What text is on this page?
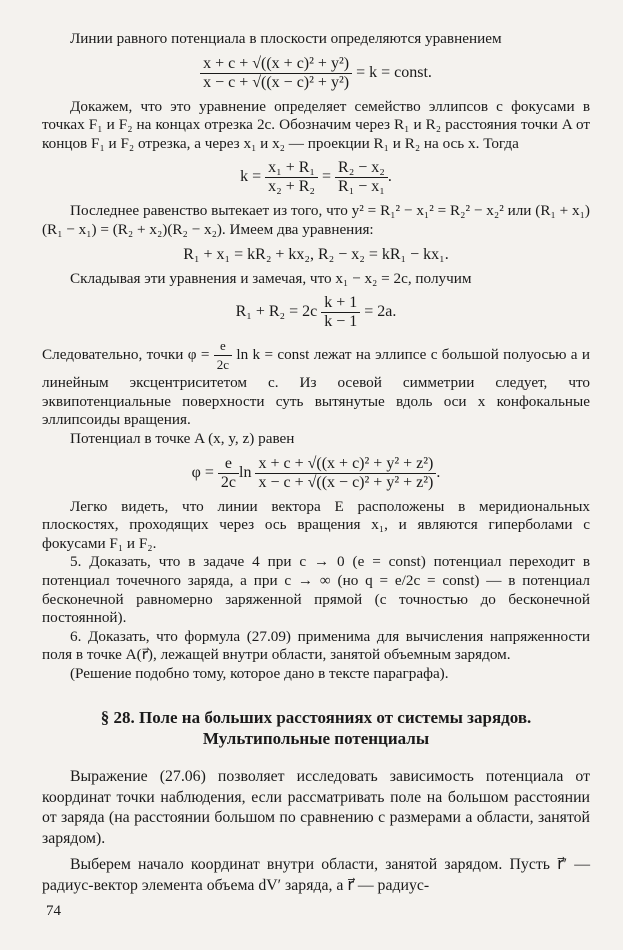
Линии равного потенциала в плоскости определяются уравнением

$\frac{\text{x + c + √((x + c)² + y²)}}{\text{x − c + √((x − c)² + y²)}} = k$ = const.

Докажем, что это уравнение определяет семейство эллипсов с фокусами в точках F₁ и F₂ на концах отрезка 2c. Обозначим через R₁ и R₂ расстояния точки A от концов F₁ и F₂ отрезка, а через x₁ и x₂ — проекции R₁ и R₂ на ось x. Тогда

$k = \frac{\text{x₁ + R₁}}{\text{x₂ + R₂}} = \frac{\text{R₂ − x₂}}{\text{R₁ − x₁}}$ .

Последнее равенство вытекает из того, что y² = R₁² − x₁² = R₂² − x₂² или (R₁ + x₁)(R₁ − x₁) = (R₂ + x₂)(R₂ − x₂). Имеем два уравнения:

R₁ + x₁ = kR₂ + kx₂, R₂ − x₂ = kR₁ − kx₁.

Складывая эти уравнения и замечая, что x₁ − x₂ = 2c, получим

$R_1 + R_2 = 2c \frac{k + 1}{k - 1} = 2a$.

Следовательно, точки $\varphi = \frac{e}{2c}$ ln k = const лежат на эллипсе с большой полуосью a и линейным эксцентриситетом c. Из осевой симметрии следует, что эквипотенциальные поверхности суть вытянутые вдоль оси x конфокальные эллипсоиды вращения.

Потенциал в точке A (x, y, z) равен

$\varphi = \frac{e}{2c}$ $\ln \frac{\text{x + c + √((x + c)² + y² + z²)}}{\text{x − c + √((x − c)² + y² + z²)}}$ .

Легко видеть, что линии вектора E расположены в меридиональных плоскостях, проходящих через ось вращения x₁, и являются гиперболами с фокусами F₁ и F₂.

5. Доказать, что в задаче 4 при c → 0 (e = const) потенциал переходит в потенциал точечного заряда, а при c → ∞ (но q = e/2c = const) — в потенциал бесконечной равномерно заряженной прямой (с точностью до бесконечной постоянной).

6. Доказать, что формула (27.09) применима для вычисления напряженности поля в точке A(r⃗), лежащей внутри области, занятой объемным зарядом.

(Решение подобно тому, которое дано в тексте параграфа).

§ 28. Поле на больших расстояниях от системы зарядов. Мультипольные потенциалы

Выражение (27.06) позволяет исследовать зависимость потенциала от координат точки наблюдения, если рассматривать поле на большом расстоянии от заряда (на расстоянии большом по сравнению с размерами a области, занятой зарядом).

Выберем начало координат внутри области, занятой зарядом. Пусть r⃗′ — радиус-вектор элемента объема dV′ заряда, а r⃗ — радиус-

74
